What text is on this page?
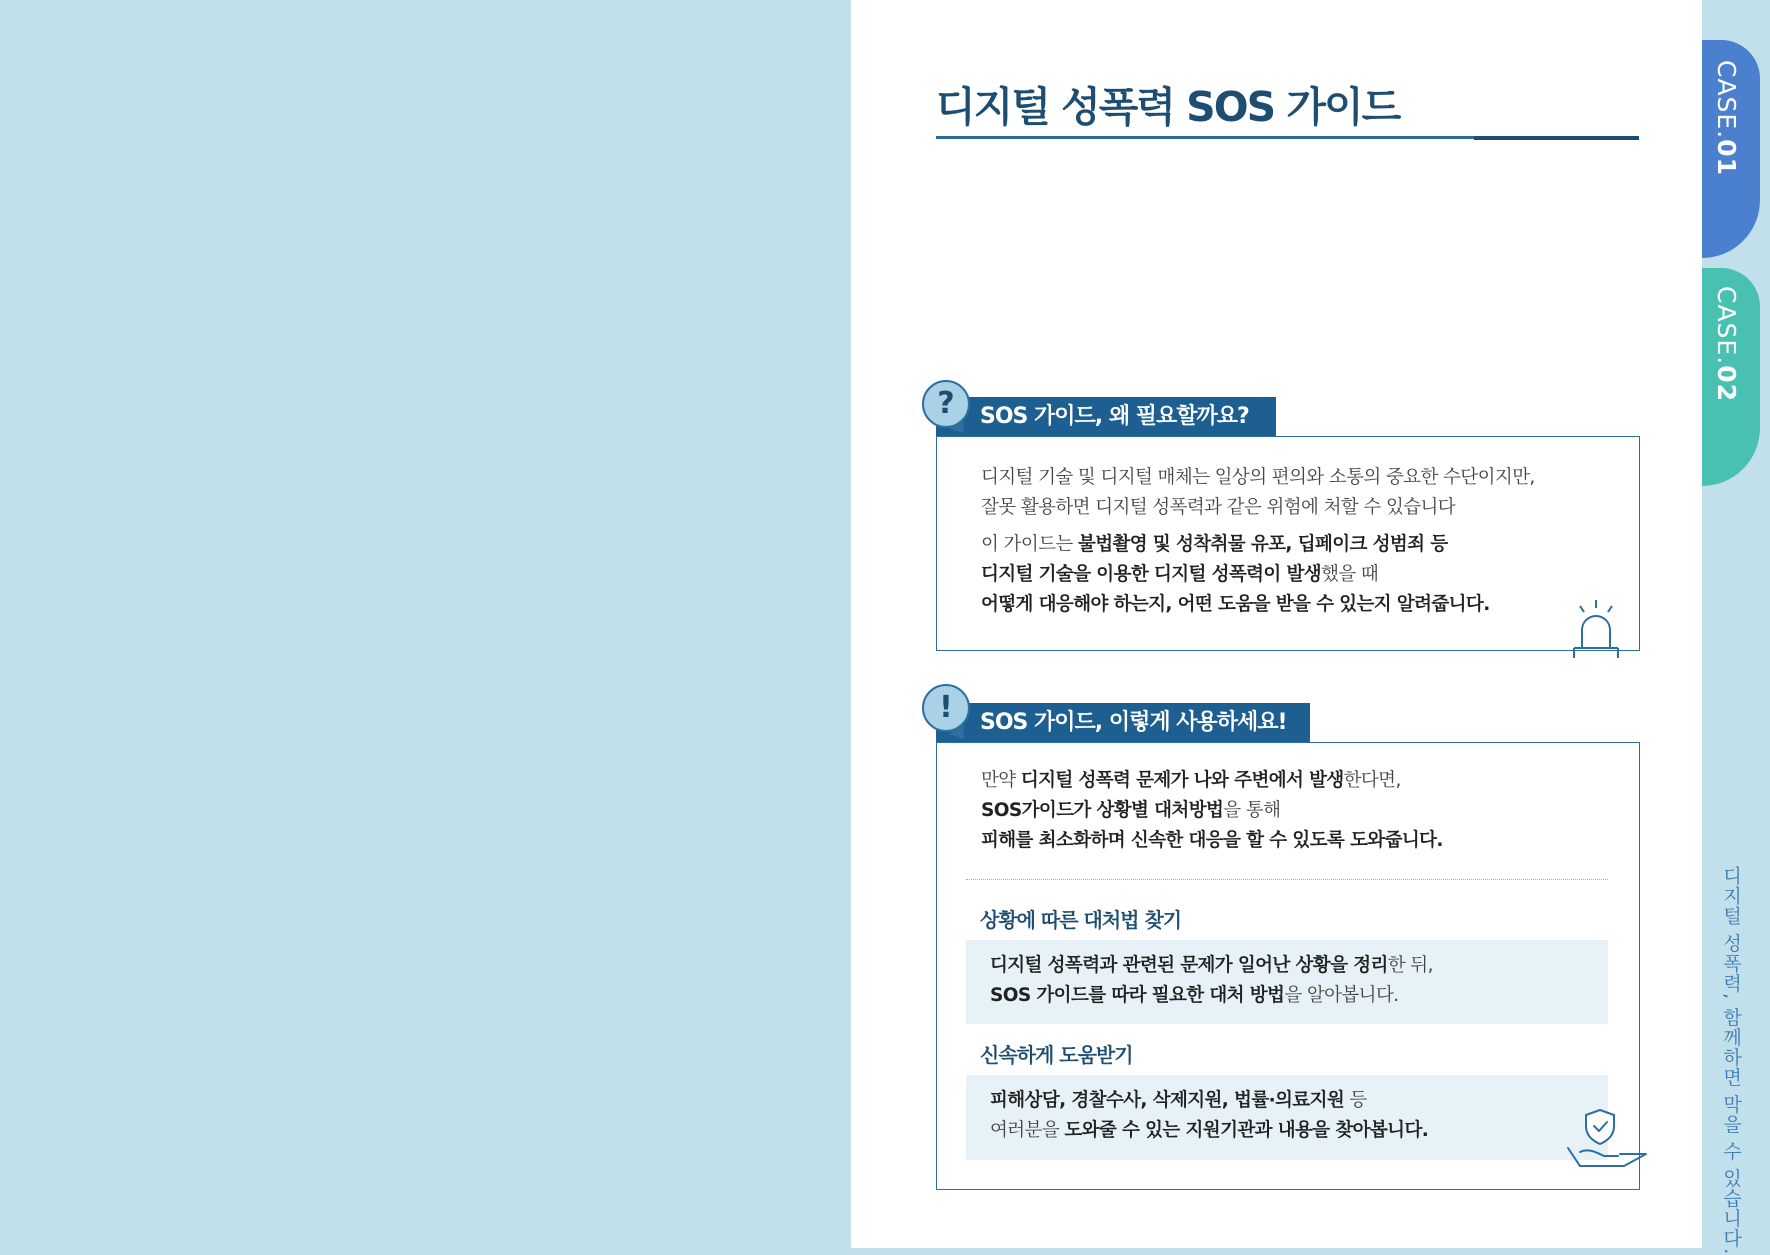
디지털 성폭력 SOS 가이드
SOS 가이드, 왜 필요할까요?
?
디지털 기술 및 디지털 매체는 일상의 편의와 소통의 중요한 수단이지만,
잘못 활용하면 디지털 성폭력과 같은 위험에 처할 수 있습니다
이 가이드는 불법촬영 및 성착취물 유포, 딥페이크 성범죄 등
디지털 기술을 이용한 디지털 성폭력이 발생했을 때
어떻게 대응해야 하는지, 어떤 도움을 받을 수 있는지 알려줍니다.
SOS 가이드, 이렇게 사용하세요!
!
만약 디지털 성폭력 문제가 나와 주변에서 발생한다면,
SOS가이드가 상황별 대처방법을 통해
피해를 최소화하며 신속한 대응을 할 수 있도록 도와줍니다.
상황에 따른 대처법 찾기
디지털 성폭력과 관련된 문제가 일어난 상황을 정리한 뒤,
SOS 가이드를 따라 필요한 대처 방법을 알아봅니다.
신속하게 도움받기
피해상담, 경찰수사, 삭제지원, 법률·의료지원 등
여러분을 도와줄 수 있는 지원기관과 내용을 찾아봅니다.
CASE.01
CASE.02
디지털 성폭력, 함께하면 막을 수 있습니다.
